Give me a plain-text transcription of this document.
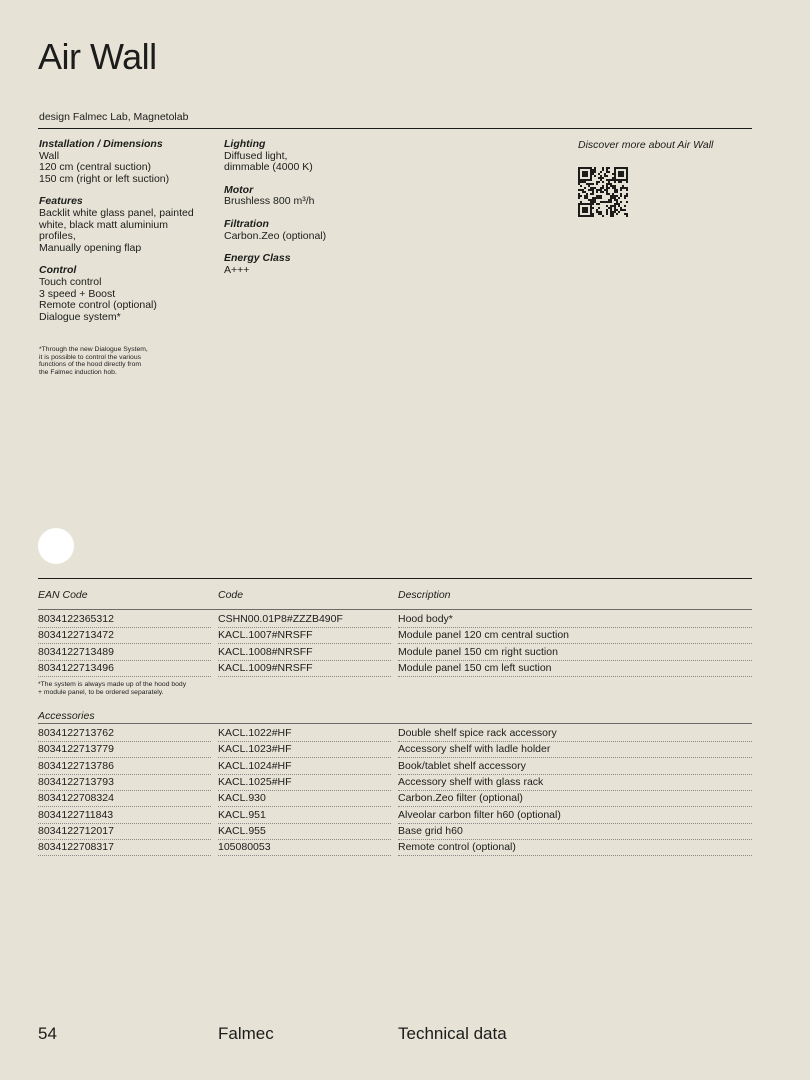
Air Wall
design Falmec Lab, Magnetolab
Installation / Dimensions
Wall
120 cm (central suction)
150 cm (right or left suction)
Features
Backlit white glass panel, painted
white, black matt aluminium
profiles,
Manually opening flap
Control
Touch control
3 speed + Boost
Remote control (optional)
Dialogue system*
Lighting
Diffused light,
dimmable (4000 K)
Motor
Brushless 800 m³/h
Filtration
Carbon.Zeo (optional)
Energy Class
A+++
*Through the new Dialogue System,
it is possible to control the various
functions of the hood directly from
the Falmec induction hob.
Discover more about Air Wall
EAN Code	Code	Description
8034122365312	CSHN00.01P8#ZZZB490F	Hood body*
8034122713472	KACL.1007#NRSFF	Module panel 120 cm central suction
8034122713489	KACL.1008#NRSFF	Module panel 150 cm right suction
8034122713496	KACL.1009#NRSFF	Module panel 150 cm left suction
*The system is always made up of the hood body
+ module panel, to be ordered separately.
Accessories
8034122713762	KACL.1022#HF	Double shelf spice rack accessory
8034122713779	KACL.1023#HF	Accessory shelf with ladle holder
8034122713786	KACL.1024#HF	Book/tablet shelf accessory
8034122713793	KACL.1025#HF	Accessory shelf with glass rack
8034122708324	KACL.930	Carbon.Zeo filter (optional)
8034122711843	KACL.951	Alveolar carbon filter h60 (optional)
8034122712017	KACL.955	Base grid h60
8034122708317	105080053	Remote control (optional)
54	Falmec	Technical data
